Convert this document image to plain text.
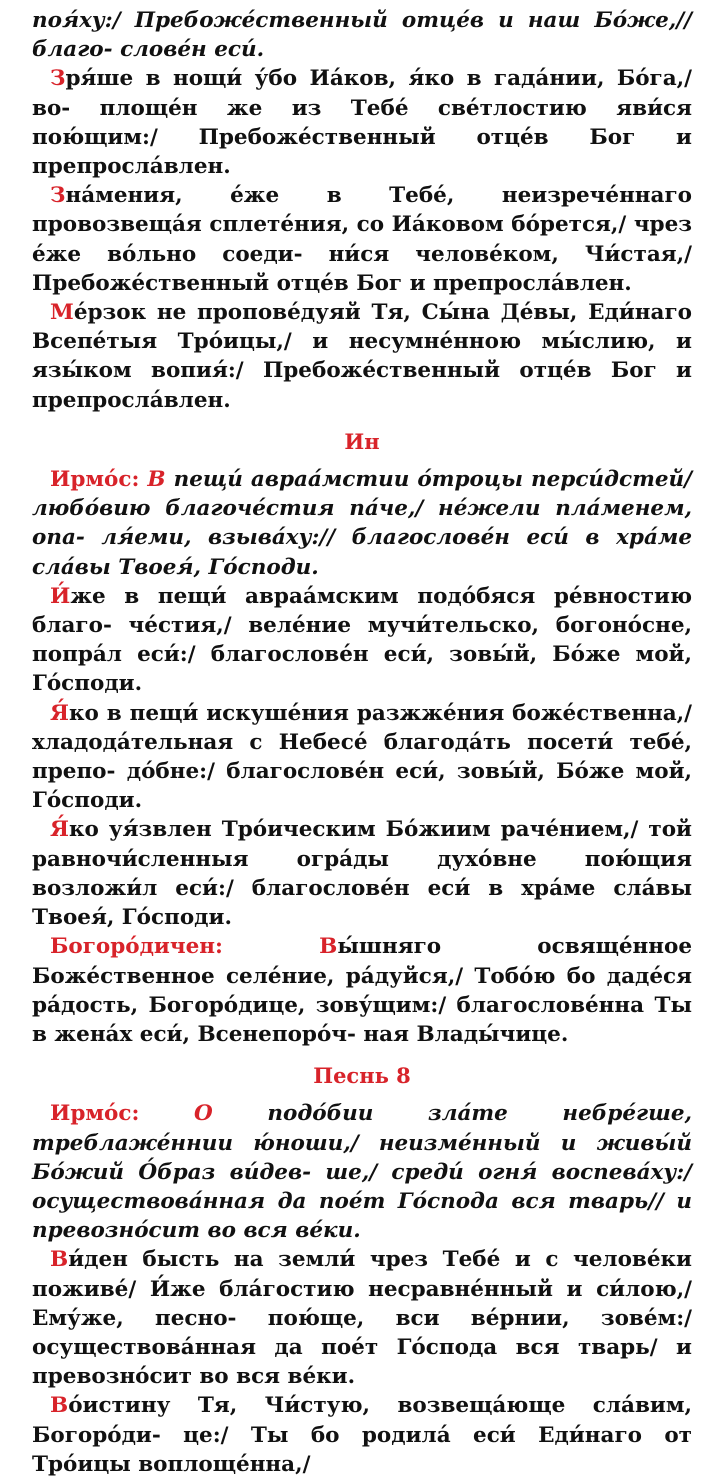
поя́ху:/ Пребоже́ственный отце́в и наш Бо́же,// благо- слове́н еси́.

Зря́ше в нощи́ у́бо Иа́ков, я́ко в гада́нии, Бо́га,/ во- площе́н же из Тебе́ све́тлостию яви́ся пою́щим:/ Пребоже́ственный отце́в Бог и препросла́влен.

Зна́мения, е́же в Тебе́, неизрече́ннаго провозвеща́я сплете́ния, со Иа́ковом бо́рется,/ чрез е́же во́льно соеди- ни́ся челове́ком, Чи́стая,/ Пребоже́ственный отце́в Бог и препросла́влен.

Ме́рзок не пропове́дуяй Тя, Сы́на Де́вы, Еди́наго Всепе́тыя Тро́ицы,/ и несумне́нною мы́слию, и язы́ком вопия́:/ Пребоже́ственный отце́в Бог и препросла́влен.

Ин

Ирмо́с: В пещи́ авраа́мстии о́троцы перси́дстей/ любо́вию благоче́стия па́че,/ не́жели пла́менем, опа- ля́еми, взыва́ху:// благослове́н еси́ в хра́ме сла́вы Твоея́, Го́споди.

И́же в пещи́ авраа́мским подо́бяся ре́вностию благо- че́стия,/ веле́ние мучи́тельско, богоно́сне, попра́л еси́:/ благослове́н еси́, зовы́й, Бо́же мой, Го́споди.

Я́ко в пещи́ искуше́ния разжже́ния боже́ственна,/ хладода́тельная с Небесе́ благода́ть посети́ тебе́, препо- до́бне:/ благослове́н еси́, зовы́й, Бо́же мой, Го́споди.

Я́ко уя́звлен Тро́ическим Бо́жиим раче́нием,/ той равночи́сленныя огра́ды духо́вне пою́щия возложи́л еси́:/ благослове́н еси́ в хра́ме сла́вы Твоея́, Го́споди.

Богоро́дичен:	Вы́шняго освяще́нное Боже́ственное селе́ние, ра́дуйся,/ Тобо́ю бо даде́ся ра́дость, Богоро́дице, зову́щим:/ благослове́нна Ты в жена́х еси́, Всенепоро́ч- ная Влады́чице.

Песнь 8

Ирмо́с:	О подо́бии зла́те небре́гше, треблаже́ннии ю́ноши,/ неизме́нный и живы́й Бо́жий О́браз ви́дев- ше,/ среди́ огня́ воспева́ху:/ осуществова́нная да пое́т Го́спода вся тварь// и превозно́сит во вся ве́ки.

Ви́ден бысть на земли́ чрез Тебе́ и с челове́ки поживе́/ И́же бла́гостию несравне́нный и си́лою,/ Ему́же, песно- пою́ще, вси ве́рнии, зове́м:/ осуществова́нная да пое́т Го́спода вся тварь/ и превозно́сит во вся ве́ки.

Во́истину Тя, Чи́стую, возвеща́юще сла́вим, Богоро́ди- це:/ Ты бо родила́ еси́ Еди́наго от Тро́ицы воплоще́нна,/
